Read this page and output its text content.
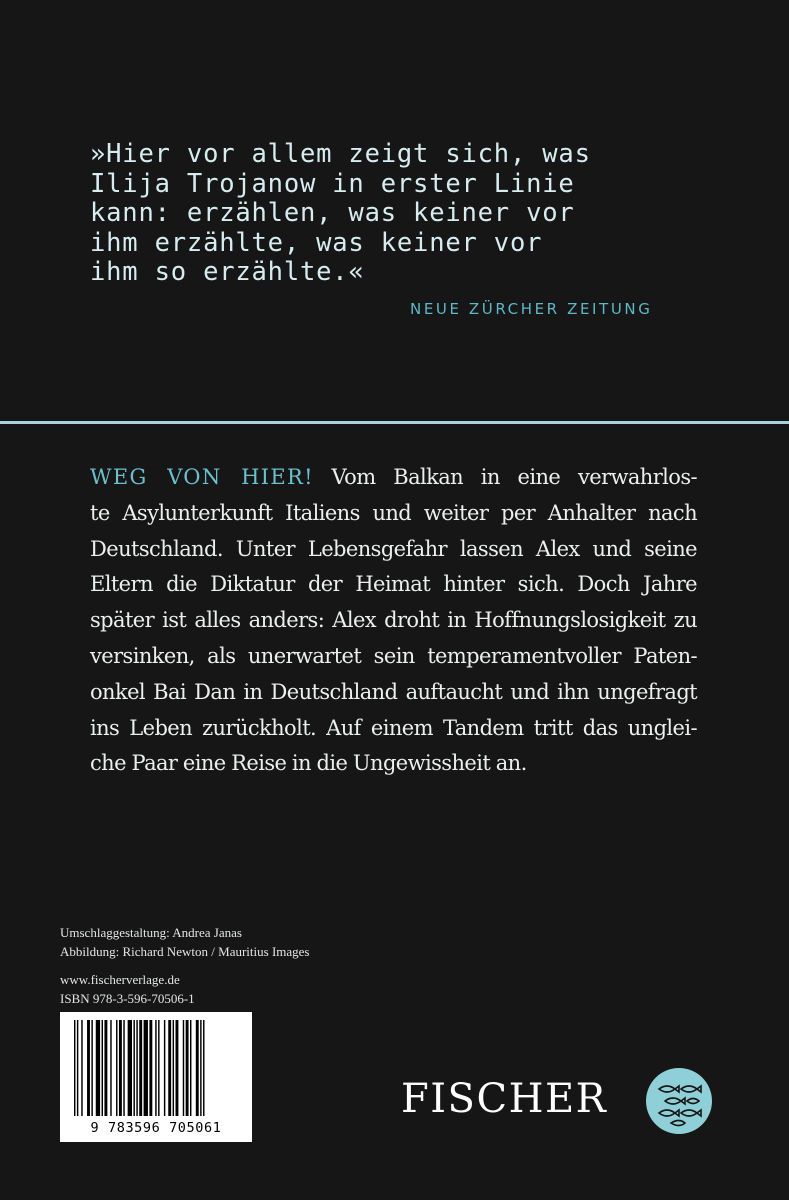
»Hier vor allem zeigt sich, was
Ilija Trojanow in erster Linie
kann: erzählen, was keiner vor
ihm erzählte, was keiner vor
ihm so erzählte.«
NEUE ZÜRCHER ZEITUNG
WEG VON HIER! Vom Balkan in eine verwahrlos-
te Asylunterkunft Italiens und weiter per Anhalter nach
Deutschland. Unter Lebensgefahr lassen Alex und seine
Eltern die Diktatur der Heimat hinter sich. Doch Jahre
später ist alles anders: Alex droht in Hoffnungslosigkeit zu
versinken, als unerwartet sein temperamentvoller Paten-
onkel Bai Dan in Deutschland auftaucht und ihn ungefragt
ins Leben zurückholt. Auf einem Tandem tritt das unglei-
che Paar eine Reise in die Ungewissheit an.
Umschlaggestaltung: Andrea Janas
Abbildung: Richard Newton / Mauritius Images
www.fischerverlage.de
ISBN 978-3-596-70506-1
9 783596 705061
FISCHER
